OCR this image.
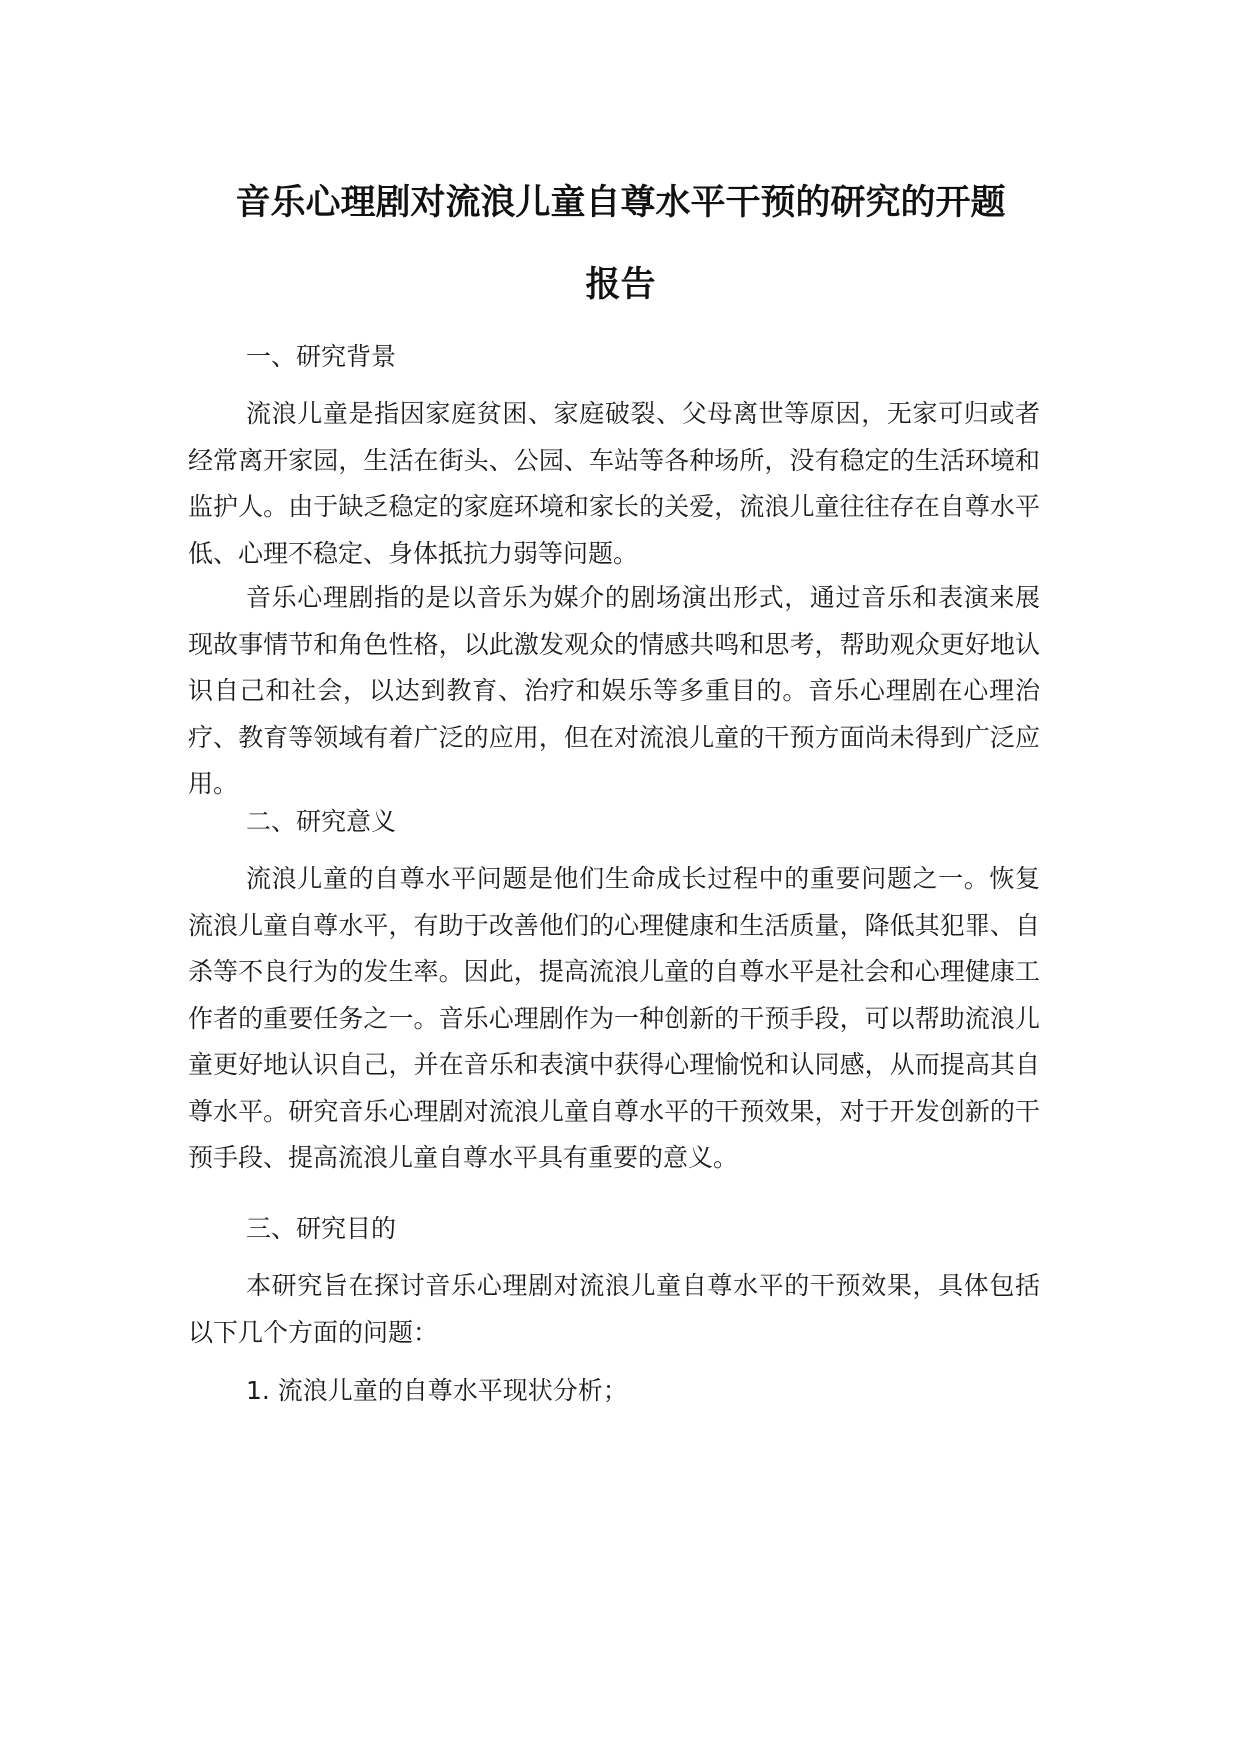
音乐心理剧对流浪儿童自尊水平干预的研究的开题
报告

一、研究背景

流浪儿童是指因家庭贫困、家庭破裂、父母离世等原因，无家可归或者经常离开家园，生活在街头、公园、车站等各种场所，没有稳定的生活环境和监护人。由于缺乏稳定的家庭环境和家长的关爱，流浪儿童往往存在自尊水平低、心理不稳定、身体抵抗力弱等问题。

音乐心理剧指的是以音乐为媒介的剧场演出形式，通过音乐和表演来展现故事情节和角色性格，以此激发观众的情感共鸣和思考，帮助观众更好地认识自己和社会，以达到教育、治疗和娱乐等多重目的。音乐心理剧在心理治疗、教育等领域有着广泛的应用，但在对流浪儿童的干预方面尚未得到广泛应用。

二、研究意义

流浪儿童的自尊水平问题是他们生命成长过程中的重要问题之一。恢复流浪儿童自尊水平，有助于改善他们的心理健康和生活质量，降低其犯罪、自杀等不良行为的发生率。因此，提高流浪儿童的自尊水平是社会和心理健康工作者的重要任务之一。音乐心理剧作为一种创新的干预手段，可以帮助流浪儿童更好地认识自己，并在音乐和表演中获得心理愉悦和认同感，从而提高其自尊水平。研究音乐心理剧对流浪儿童自尊水平的干预效果，对于开发创新的干预手段、提高流浪儿童自尊水平具有重要的意义。

三、研究目的

本研究旨在探讨音乐心理剧对流浪儿童自尊水平的干预效果，具体包括以下几个方面的问题：

1. 流浪儿童的自尊水平现状分析；
